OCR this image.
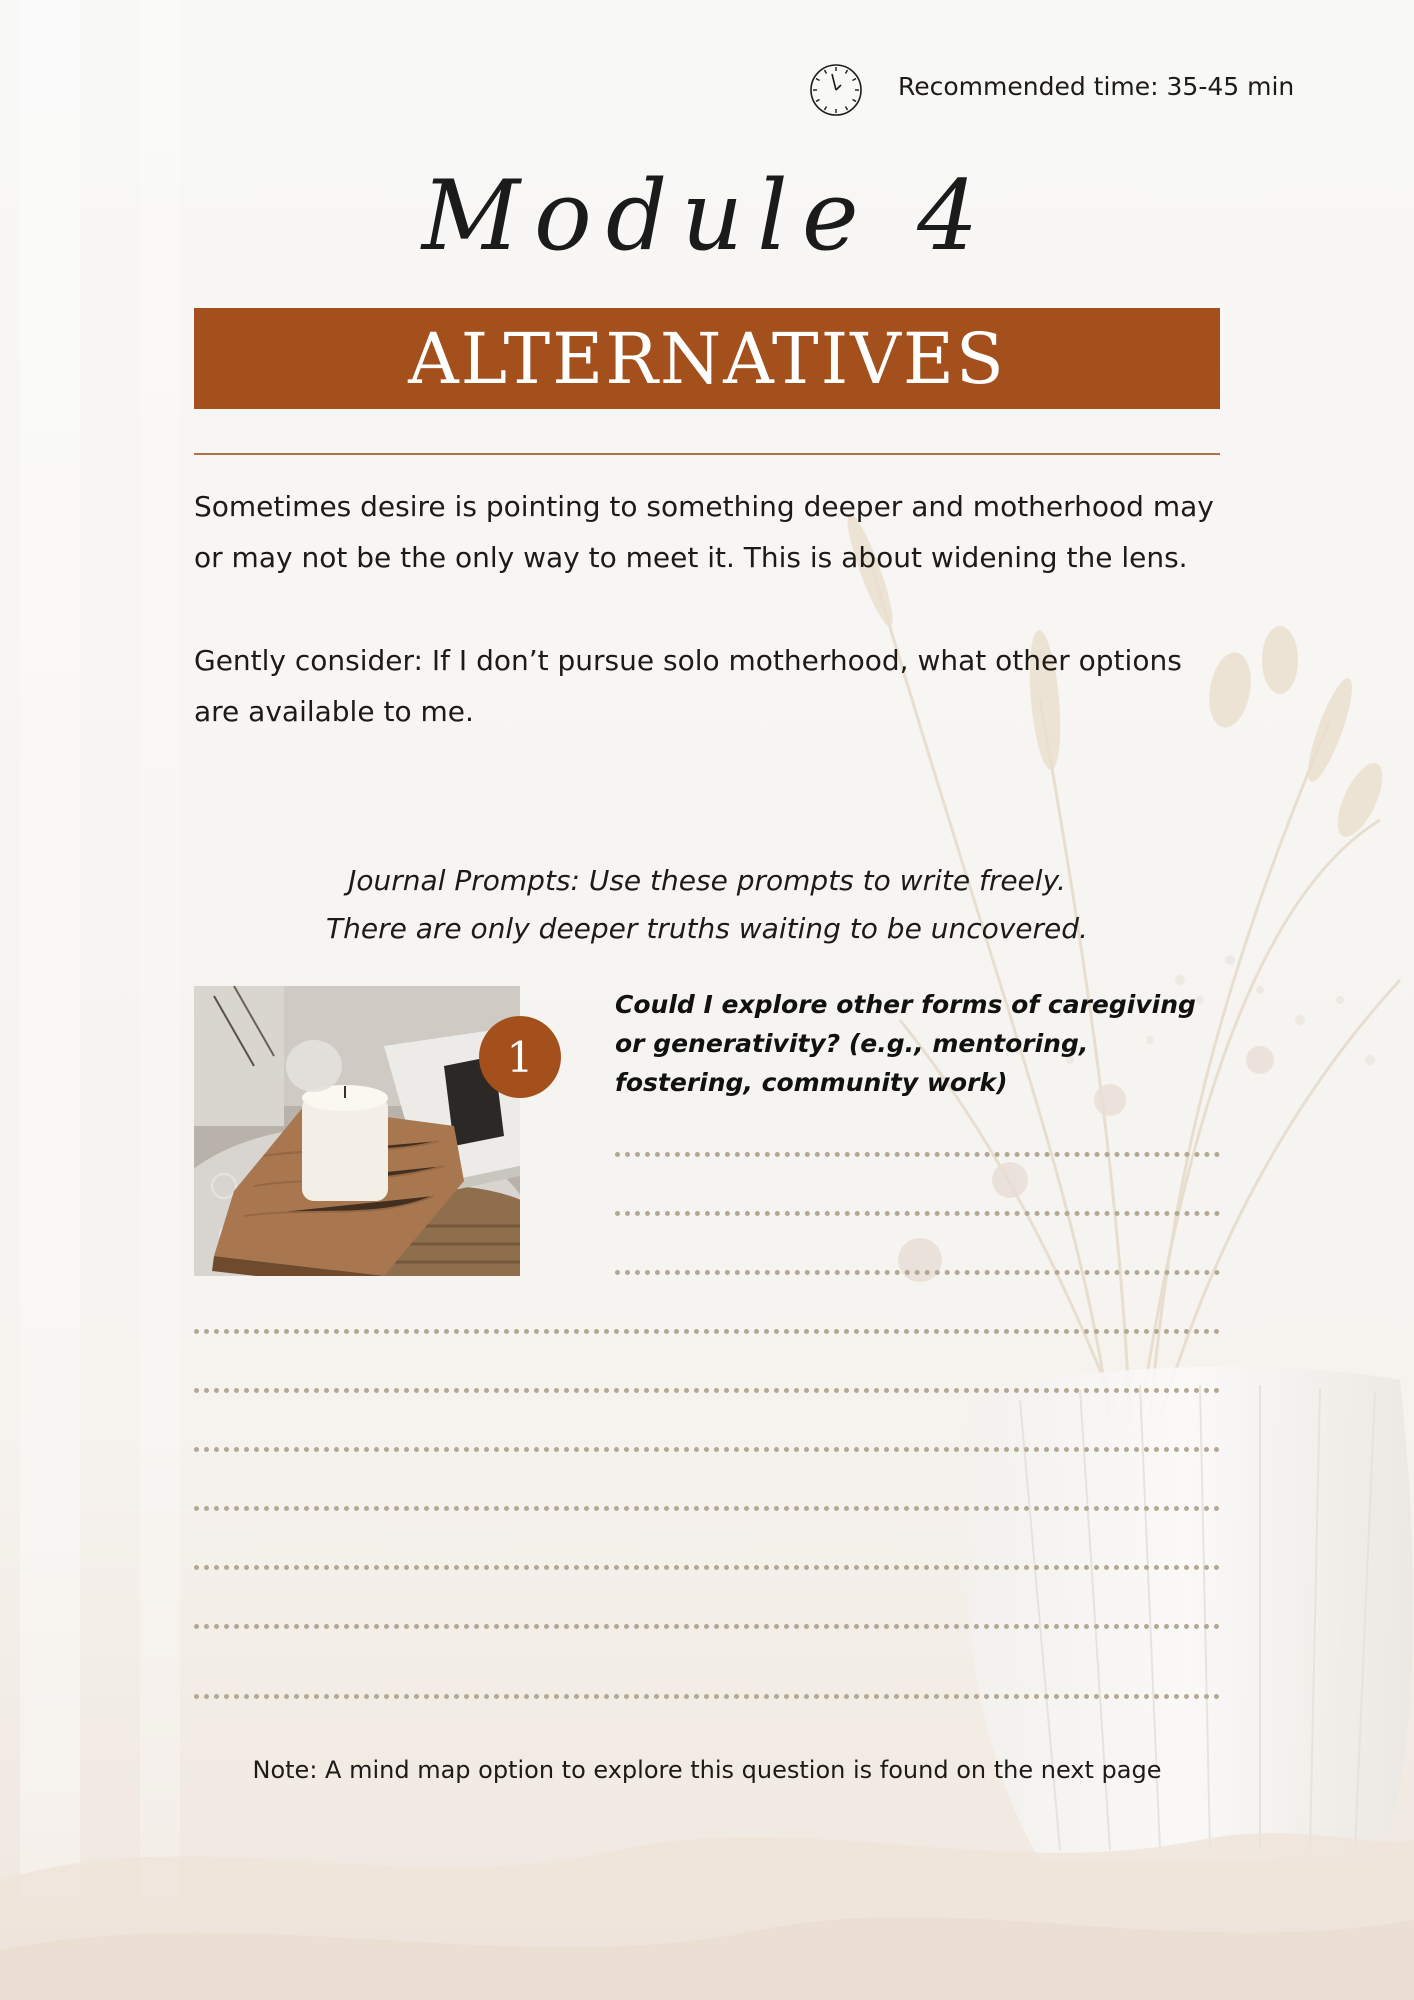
Recommended time: 35-45 min
Module 4
ALTERNATIVES
Sometimes desire is pointing to something deeper and motherhood may or may not be the only way to meet it. This is about widening the lens.
Gently consider: If I don’t pursue solo motherhood, what other options are available to me.
Journal Prompts: Use these prompts to write freely.
There are only deeper truths waiting to be uncovered.
1
Could I explore other forms of caregiving or generativity? (e.g., mentoring, fostering, community work)
Note: A mind map option to explore this question is found on the next page
